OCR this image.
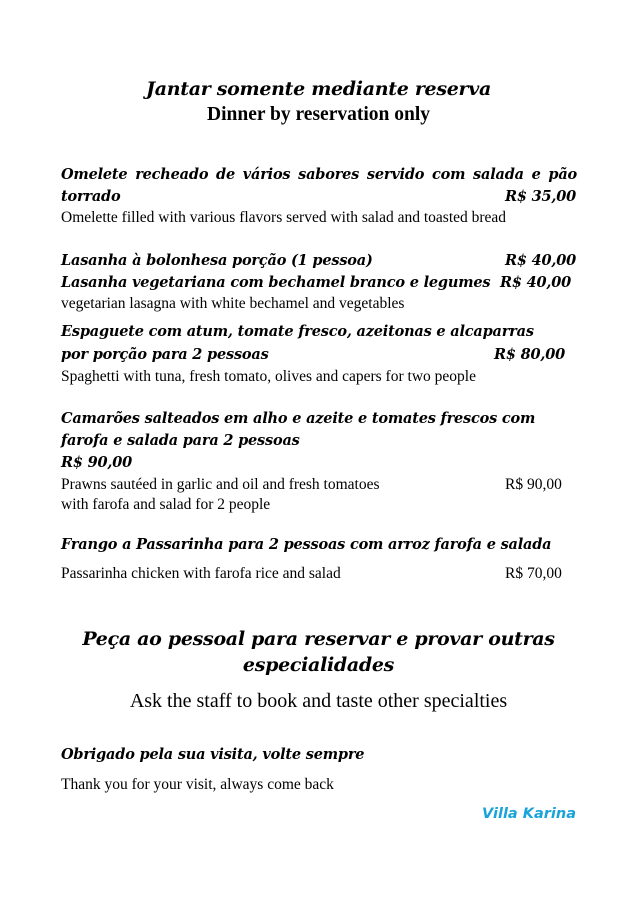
Jantar somente mediante reserva
Dinner by reservation only
Omelete recheado de vários sabores servido com salada e pão
torrado	R$ 35,00
Omelette filled with various flavors served with salad and toasted bread
Lasanha à bolonhesa porção (1 pessoa)	R$ 40,00
Lasanha vegetariana com bechamel branco e legumes R$ 40,00
vegetarian lasagna with white bechamel and vegetables
Espaguete com atum, tomate fresco, azeitonas e alcaparras
por porção para 2 pessoas	R$ 80,00
Spaghetti with tuna, fresh tomato, olives and capers for two people
Camarões salteados em alho e azeite e tomates frescos com
farofa e salada para 2 pessoas
R$ 90,00
Prawns sautéed in garlic and oil and fresh tomatoes	R$ 90,00
with farofa and salad for 2 people
Frango a Passarinha para 2 pessoas com arroz farofa e salada
Passarinha chicken with farofa rice and salad	R$ 70,00
Peça ao pessoal para reservar e provar outras
especialidades
Ask the staff to book and taste other specialties
Obrigado pela sua visita, volte sempre
Thank you for your visit, always come back
Villa Karina
